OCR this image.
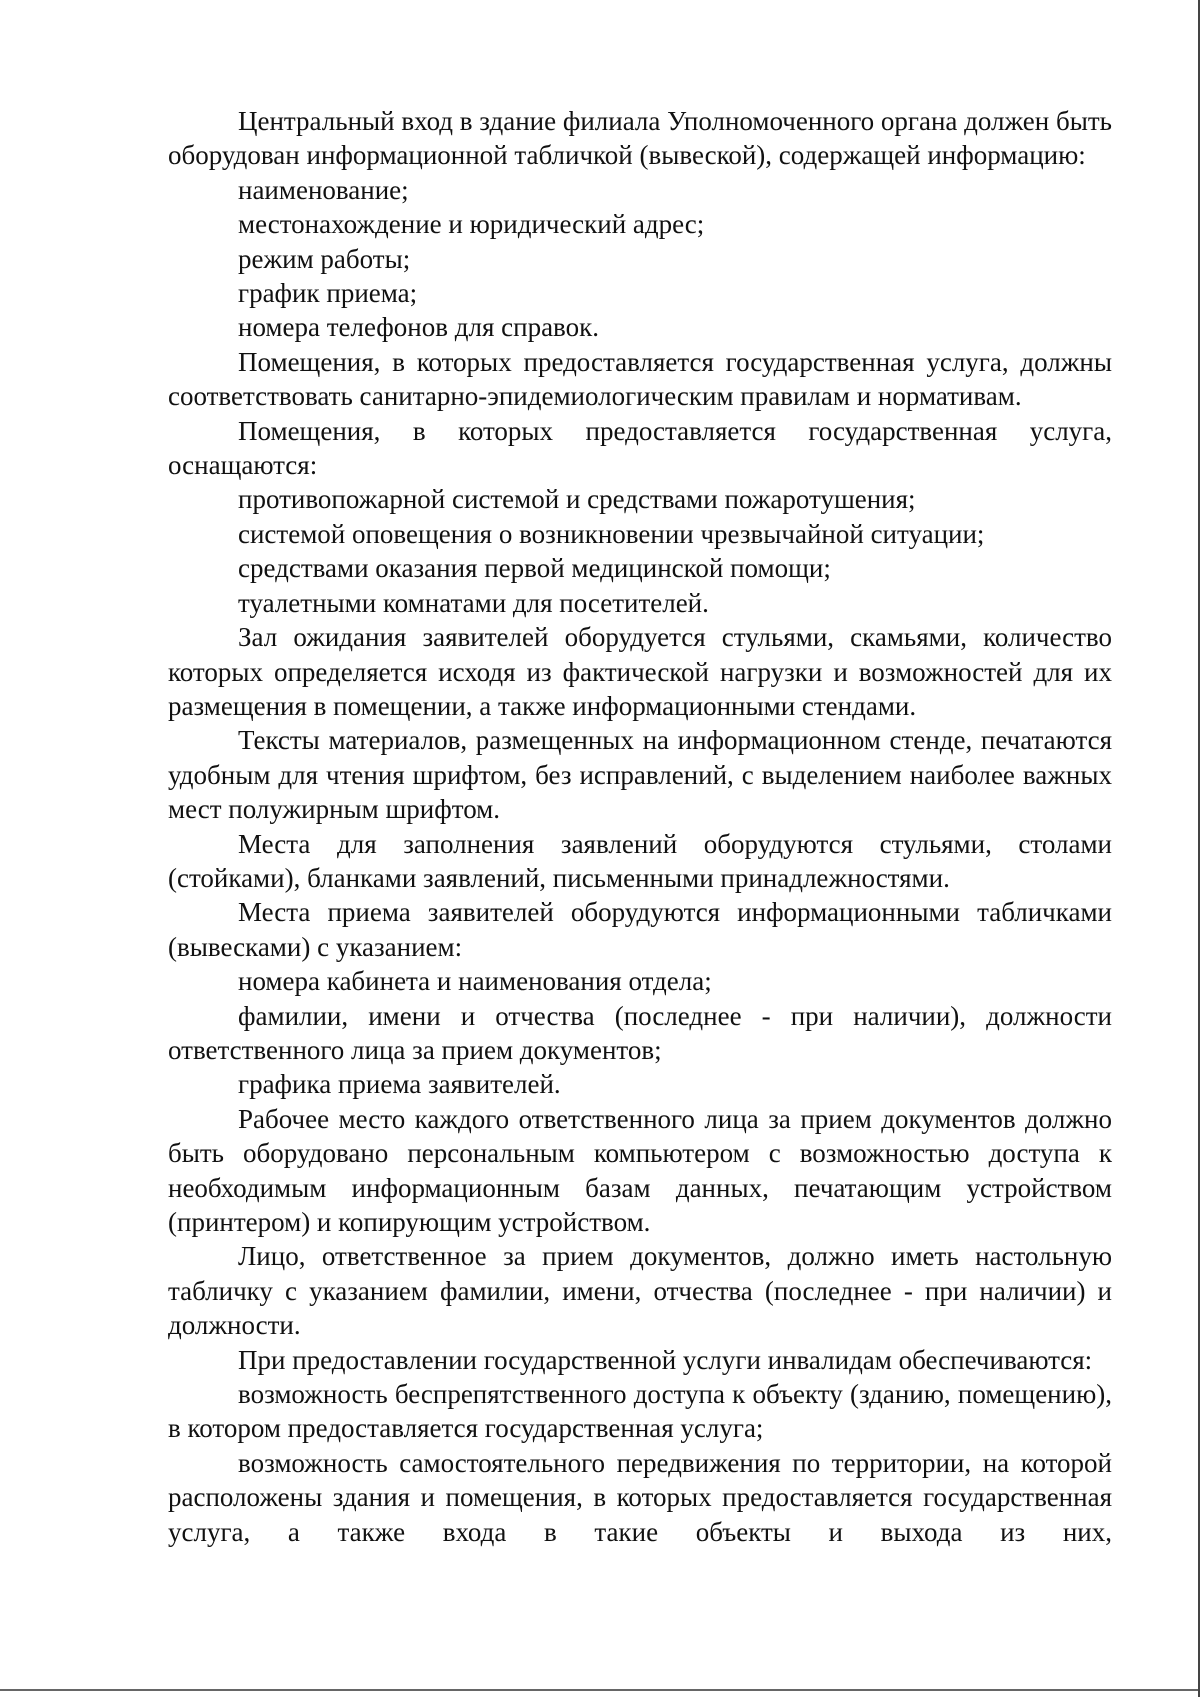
Центральный вход в здание филиала Уполномоченного органа должен быть оборудован информационной табличкой (вывеской), содержащей информацию:

наименование;

местонахождение и юридический адрес;

режим работы;

график приема;

номера телефонов для справок.

Помещения, в которых предоставляется государственная услуга, должны соответствовать санитарно-эпидемиологическим правилам и нормативам.

Помещения, в которых предоставляется государственная услуга, оснащаются:

противопожарной системой и средствами пожаротушения;

системой оповещения о возникновении чрезвычайной ситуации;

средствами оказания первой медицинской помощи;

туалетными комнатами для посетителей.

Зал ожидания заявителей оборудуется стульями, скамьями, количество которых определяется исходя из фактической нагрузки и возможностей для их размещения в помещении, а также информационными стендами.

Тексты материалов, размещенных на информационном стенде, печатаются удобным для чтения шрифтом, без исправлений, с выделением наиболее важных мест полужирным шрифтом.

Места для заполнения заявлений оборудуются стульями, столами (стойками), бланками заявлений, письменными принадлежностями.

Места приема заявителей оборудуются информационными табличками (вывесками) с указанием:

номера кабинета и наименования отдела;

фамилии, имени и отчества (последнее - при наличии), должности ответственного лица за прием документов;

графика приема заявителей.

Рабочее место каждого ответственного лица за прием документов должно быть оборудовано персональным компьютером с возможностью доступа к необходимым информационным базам данных, печатающим устройством (принтером) и копирующим устройством.

Лицо, ответственное за прием документов, должно иметь настольную табличку с указанием фамилии, имени, отчества (последнее - при наличии) и должности.

При предоставлении государственной услуги инвалидам обеспечиваются:

возможность беспрепятственного доступа к объекту (зданию, помещению), в котором предоставляется государственная услуга;

возможность самостоятельного передвижения по территории, на которой расположены здания и помещения, в которых предоставляется государственная услуга, а также входа в такие объекты и выхода из них,
